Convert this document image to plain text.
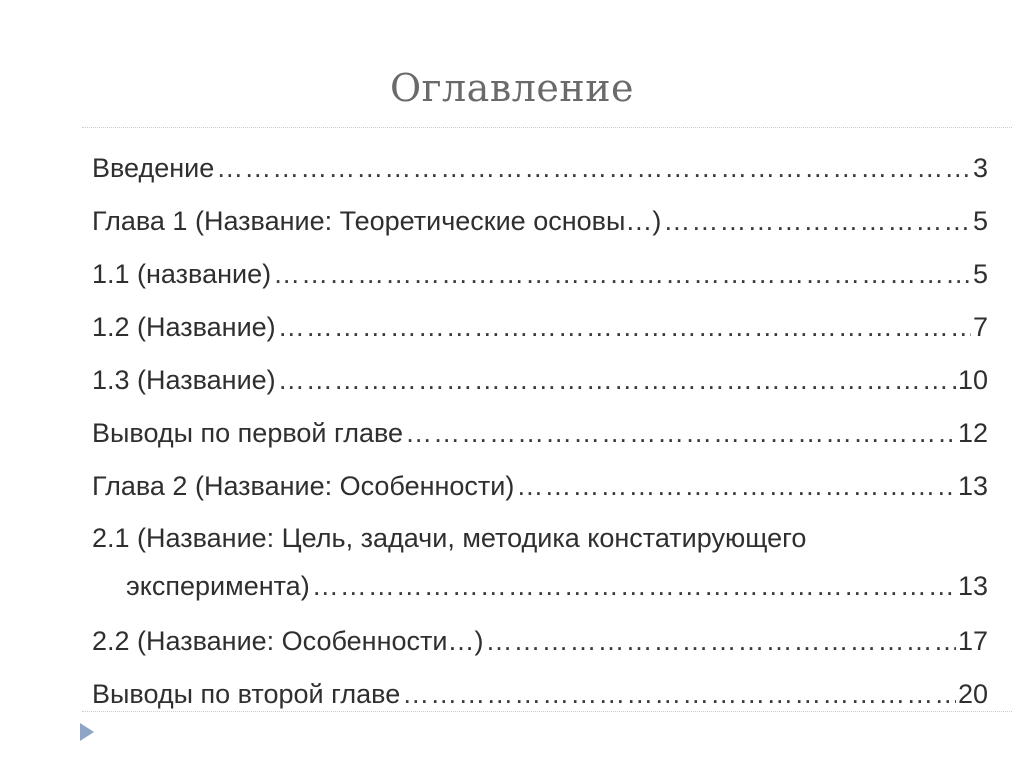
Оглавление
Введение …………………………………………………………………………………………………………………………………………………………………………	3
Глава 1 (Название: Теоретические основы…) …………………………………………………………………………………………………………………………………………………………………………	5
1.1 (название) …………………………………………………………………………………………………………………………………………………………………………	5
1.2 (Название) …………………………………………………………………………………………………………………………………………………………………………	7
1.3 (Название) …………………………………………………………………………………………………………………………………………………………………………	10
Выводы по первой главе …………………………………………………………………………………………………………………………………………………………………………	12
Глава 2 (Название: Особенности) …………………………………………………………………………………………………………………………………………………………………………	13
2.1 (Название: Цель, задачи, методика констатирующего
эксперимента) …………………………………………………………………………………………………………………………………………………………………………	13
2.2 (Название: Особенности…) …………………………………………………………………………………………………………………………………………………………………………	17
Выводы по второй главе …………………………………………………………………………………………………………………………………………………………………………	20
